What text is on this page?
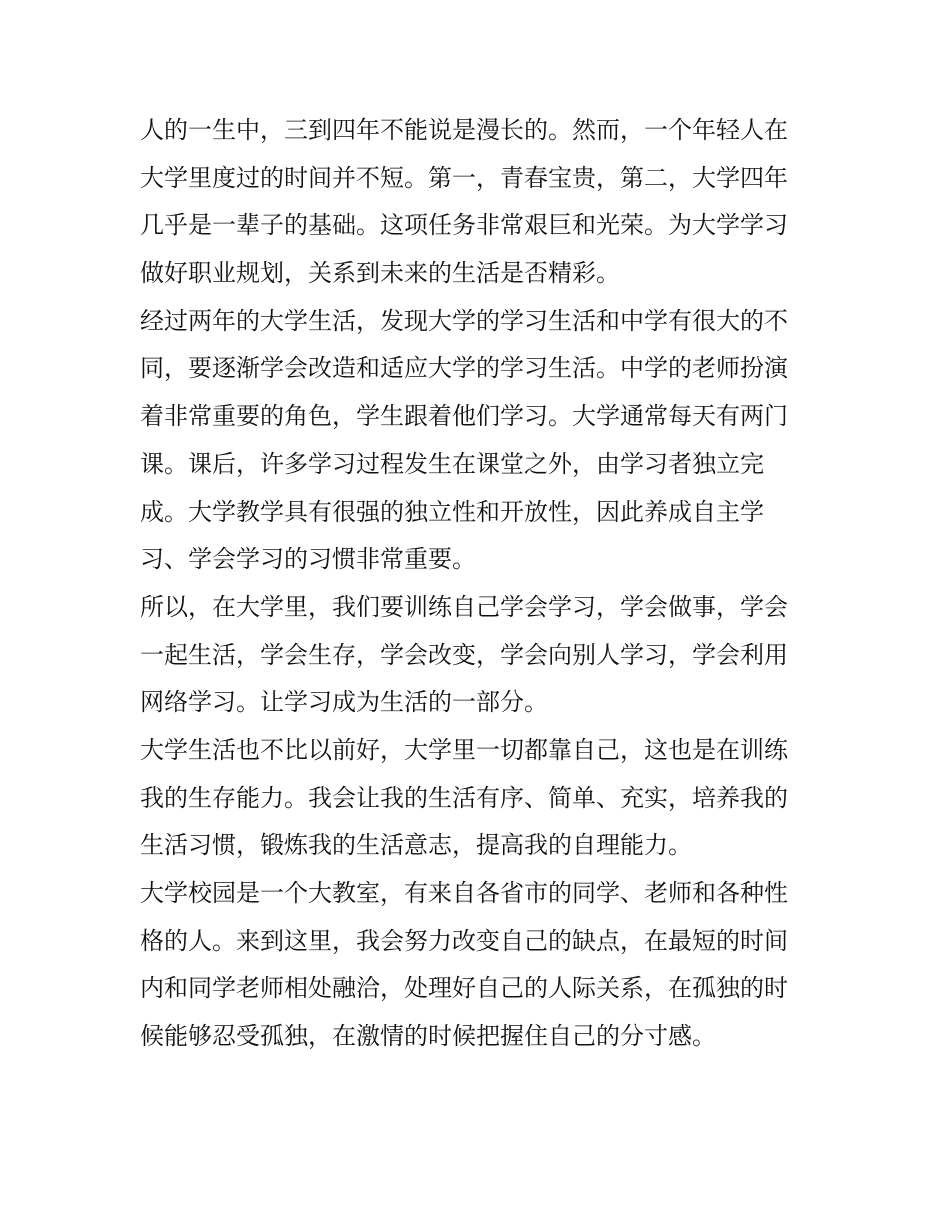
人的一生中，三到四年不能说是漫长的。然而，一个年轻人在
大学里度过的时间并不短。第一，青春宝贵，第二，大学四年
几乎是一辈子的基础。这项任务非常艰巨和光荣。为大学学习
做好职业规划，关系到未来的生活是否精彩。
经过两年的大学生活，发现大学的学习生活和中学有很大的不
同，要逐渐学会改造和适应大学的学习生活。中学的老师扮演
着非常重要的角色，学生跟着他们学习。大学通常每天有两门
课。课后，许多学习过程发生在课堂之外，由学习者独立完
成。大学教学具有很强的独立性和开放性，因此养成自主学
习、学会学习的习惯非常重要。
所以，在大学里，我们要训练自己学会学习，学会做事，学会
一起生活，学会生存，学会改变，学会向别人学习，学会利用
网络学习。让学习成为生活的一部分。
大学生活也不比以前好，大学里一切都靠自己，这也是在训练
我的生存能力。我会让我的生活有序、简单、充实，培养我的
生活习惯，锻炼我的生活意志，提高我的自理能力。
大学校园是一个大教室，有来自各省市的同学、老师和各种性
格的人。来到这里，我会努力改变自己的缺点，在最短的时间
内和同学老师相处融洽，处理好自己的人际关系，在孤独的时
候能够忍受孤独，在激情的时候把握住自己的分寸感。
